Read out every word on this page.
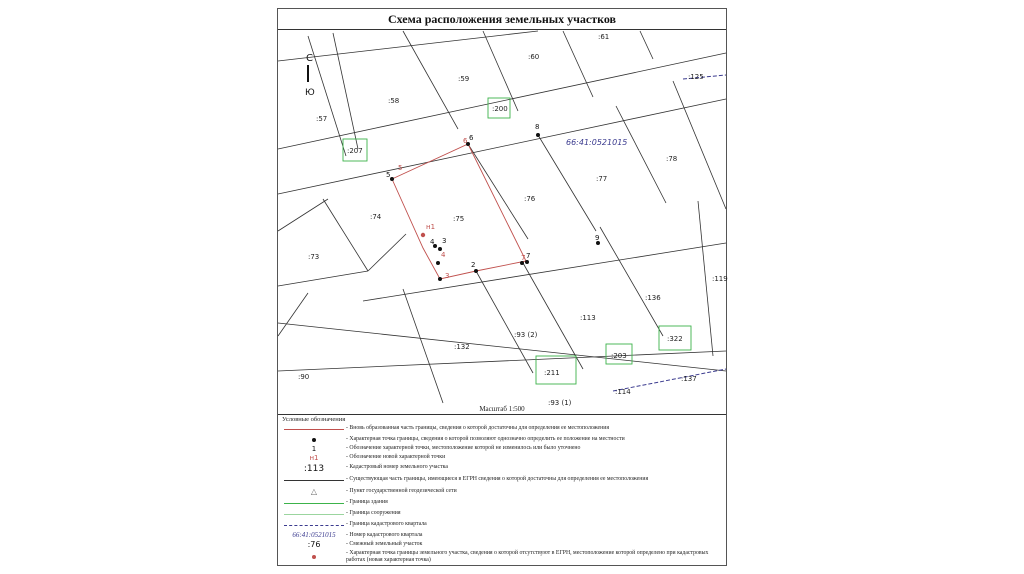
Схема расположения земельных участков
С
Ю
8
6
6
5
5
н1
4 3
4
3
2
9
7 7
:61
:60
:59
:58
:57
:125
:200
:207
:78
:77
:76
:75
:74
:73
:119
:136
:113
:132
:93 (2)
:211
:203
:322
:90	:137
:114
:93 (1)
66:41:0521015
Масштаб 1:500
Условные обозначения
- Вновь образованная часть границы, сведения о которой достаточны для определения ее местоположения
- Характерная точка границы, сведения о которой позволяют однозначно определить ее положение на местности
1	- Обозначение характерной точки, местоположение которой не изменилось или было уточнено
н1	- Обозначение новой характерной точки
:113	- Кадастровый номер земельного участка
- Существующая часть границы, имеющиеся в ЕГРН сведения о которой достаточны для определения ее местоположения
△	- Пункт государственной геодезической сети
- Граница здания
- Граница сооружения
- Граница кадастрового квартала
66:41:0521015	- Номер кадастрового квартала
:76	- Смежный земельный участок
- Характерная точка границы земельного участка, сведения о которой отсутствуют в ЕГРН, местоположение которой определено при кадастровых работах (новая характерная точка)
